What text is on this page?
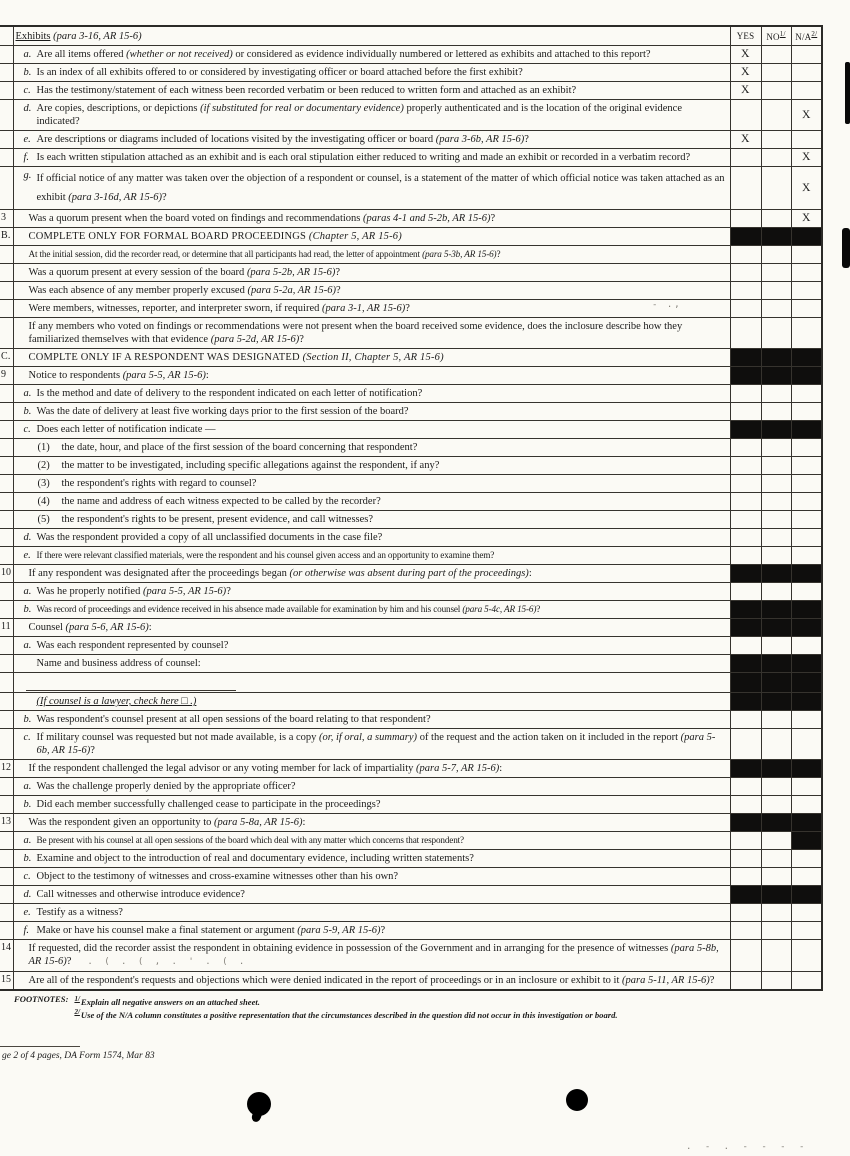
	Exhibits (para 3-16, AR 15-6)	YES	NO$^{1/}$	N/A$^{2/}$

	a. Are all items offered (whether or not received) or considered as evidence individually numbered or lettered as exhibits and attached to this report?	X		

	b. Is an index of all exhibits offered to or considered by investigating officer or board attached before the first exhibit?	X		

	c. Has the testimony/statement of each witness been recorded verbatim or been reduced to written form and attached as an exhibit?	X		

	d. Are copies, descriptions, or depictions (if substituted for real or documentary evidence) properly authenticated and is the location of the original evidence indicated?			X

	e. Are descriptions or diagrams included of locations visited by the investigating officer or board (para 3-6b, AR 15-6)?	X		

	f. Is each written stipulation attached as an exhibit and is each oral stipulation either reduced to writing and made an exhibit or recorded in a verbatim record?			X

	g. If official notice of any matter was taken over the objection of a respondent or counsel, is a statement of the matter of which official notice was taken attached as an exhibit (para 3-16d, AR 15-6)?			X
3	Was a quorum present when the board voted on findings and recommendations (paras 4-1 and 5-2b, AR 15-6)?			X
B.	COMPLETE ONLY FOR FORMAL BOARD PROCEEDINGS (Chapter 5, AR 15-6)			

	At the initial session, did the recorder read, or determine that all participants had read, the letter of appointment (para 5-3b, AR 15-6)?			

	Was a quorum present at every session of the board (para 5-2b, AR 15-6)?			

	Was each absence of any member properly excused (para 5-2a, AR 15-6)?			

	Were members, witnesses, reporter, and interpreter sworn, if required (para 3-1, AR 15-6)?			

	If any members who voted on findings or recommendations were not present when the board received some evidence, does the inclosure describe how they familiarized themselves with that evidence (para 5-2d, AR 15-6)?			

C.	COMPLTE ONLY IF A RESPONDENT WAS DESIGNATED (Section II, Chapter 5, AR 15-6)			

9	Notice to respondents (para 5-5, AR 15-6):			

	a. Is the method and date of delivery to the respondent indicated on each letter of notification?			

	b. Was the date of delivery at least five working days prior to the first session of the board?			

	c. Does each letter of notification indicate —			

	(1) the date, hour, and place of the first session of the board concerning that respondent?			

	(2) the matter to be investigated, including specific allegations against the respondent, if any?			

	(3) the respondent's rights with regard to counsel?			

	(4) the name and address of each witness expected to be called by the recorder?			

	(5) the respondent's rights to be present, present evidence, and call witnesses?			

	d. Was the respondent provided a copy of all unclassified documents in the case file?			

	e. If there were relevant classified materials, were the respondent and his counsel given access and an opportunity to examine them?			

10	If any respondent was designated after the proceedings began (or otherwise was absent during part of the proceedings):			

	a. Was he properly notified (para 5-5, AR 15-6)?			

	b. Was record of proceedings and evidence received in his absence made available for examination by him and his counsel (para 5-4c, AR 15-6)?			

11	Counsel (para 5-6, AR 15-6):			

	a. Was each respondent represented by counsel?			

	Name and business address of counsel:			

	(If counsel is a lawyer, check here □ .)			

	b. Was respondent's counsel present at all open sessions of the board relating to that respondent?			

	c. If military counsel was requested but not made available, is a copy (or, if oral, a summary) of the request and the action taken on it included in the report (para 5-6b, AR 15-6)?			

12	If the respondent challenged the legal advisor or any voting member for lack of impartiality (para 5-7, AR 15-6):			

	a. Was the challenge properly denied by the appropriate officer?			

	b. Did each member successfully challenged cease to participate in the proceedings?			

13	Was the respondent given an opportunity to (para 5-8a, AR 15-6):			

	a. Be present with his counsel at all open sessions of the board which deal with any matter which concerns that respondent?			

	b. Examine and object to the introduction of real and documentary evidence, including written statements?			

	c. Object to the testimony of witnesses and cross-examine witnesses other than his own?			

	d. Call witnesses and otherwise introduce evidence?			

	e. Testify as a witness?			

	f. Make or have his counsel make a final statement or argument (para 5-9, AR 15-6)?			

14	If requested, did the recorder assist the respondent in obtaining evidence in possession of the Government and in arranging for the presence of witnesses (para 5-8b, AR 15-6)? . ( . ( , . ' . ( .			

15	Are all of the respondent's requests and objections which were denied indicated in the report of proceedings or in an inclosure or exhibit to it (para 5-11, AR 15-6)?			

FOOTNOTES: $^{1/}$Explain all negative answers on an attached sheet.
$^{2/}$Use of the N/A column constitutes a positive representation that the circumstances described in the question did not occur in this investigation or board.
ge 2 of 4 pages, DA Form 1574, Mar 83
- .,
. - . - - - -
